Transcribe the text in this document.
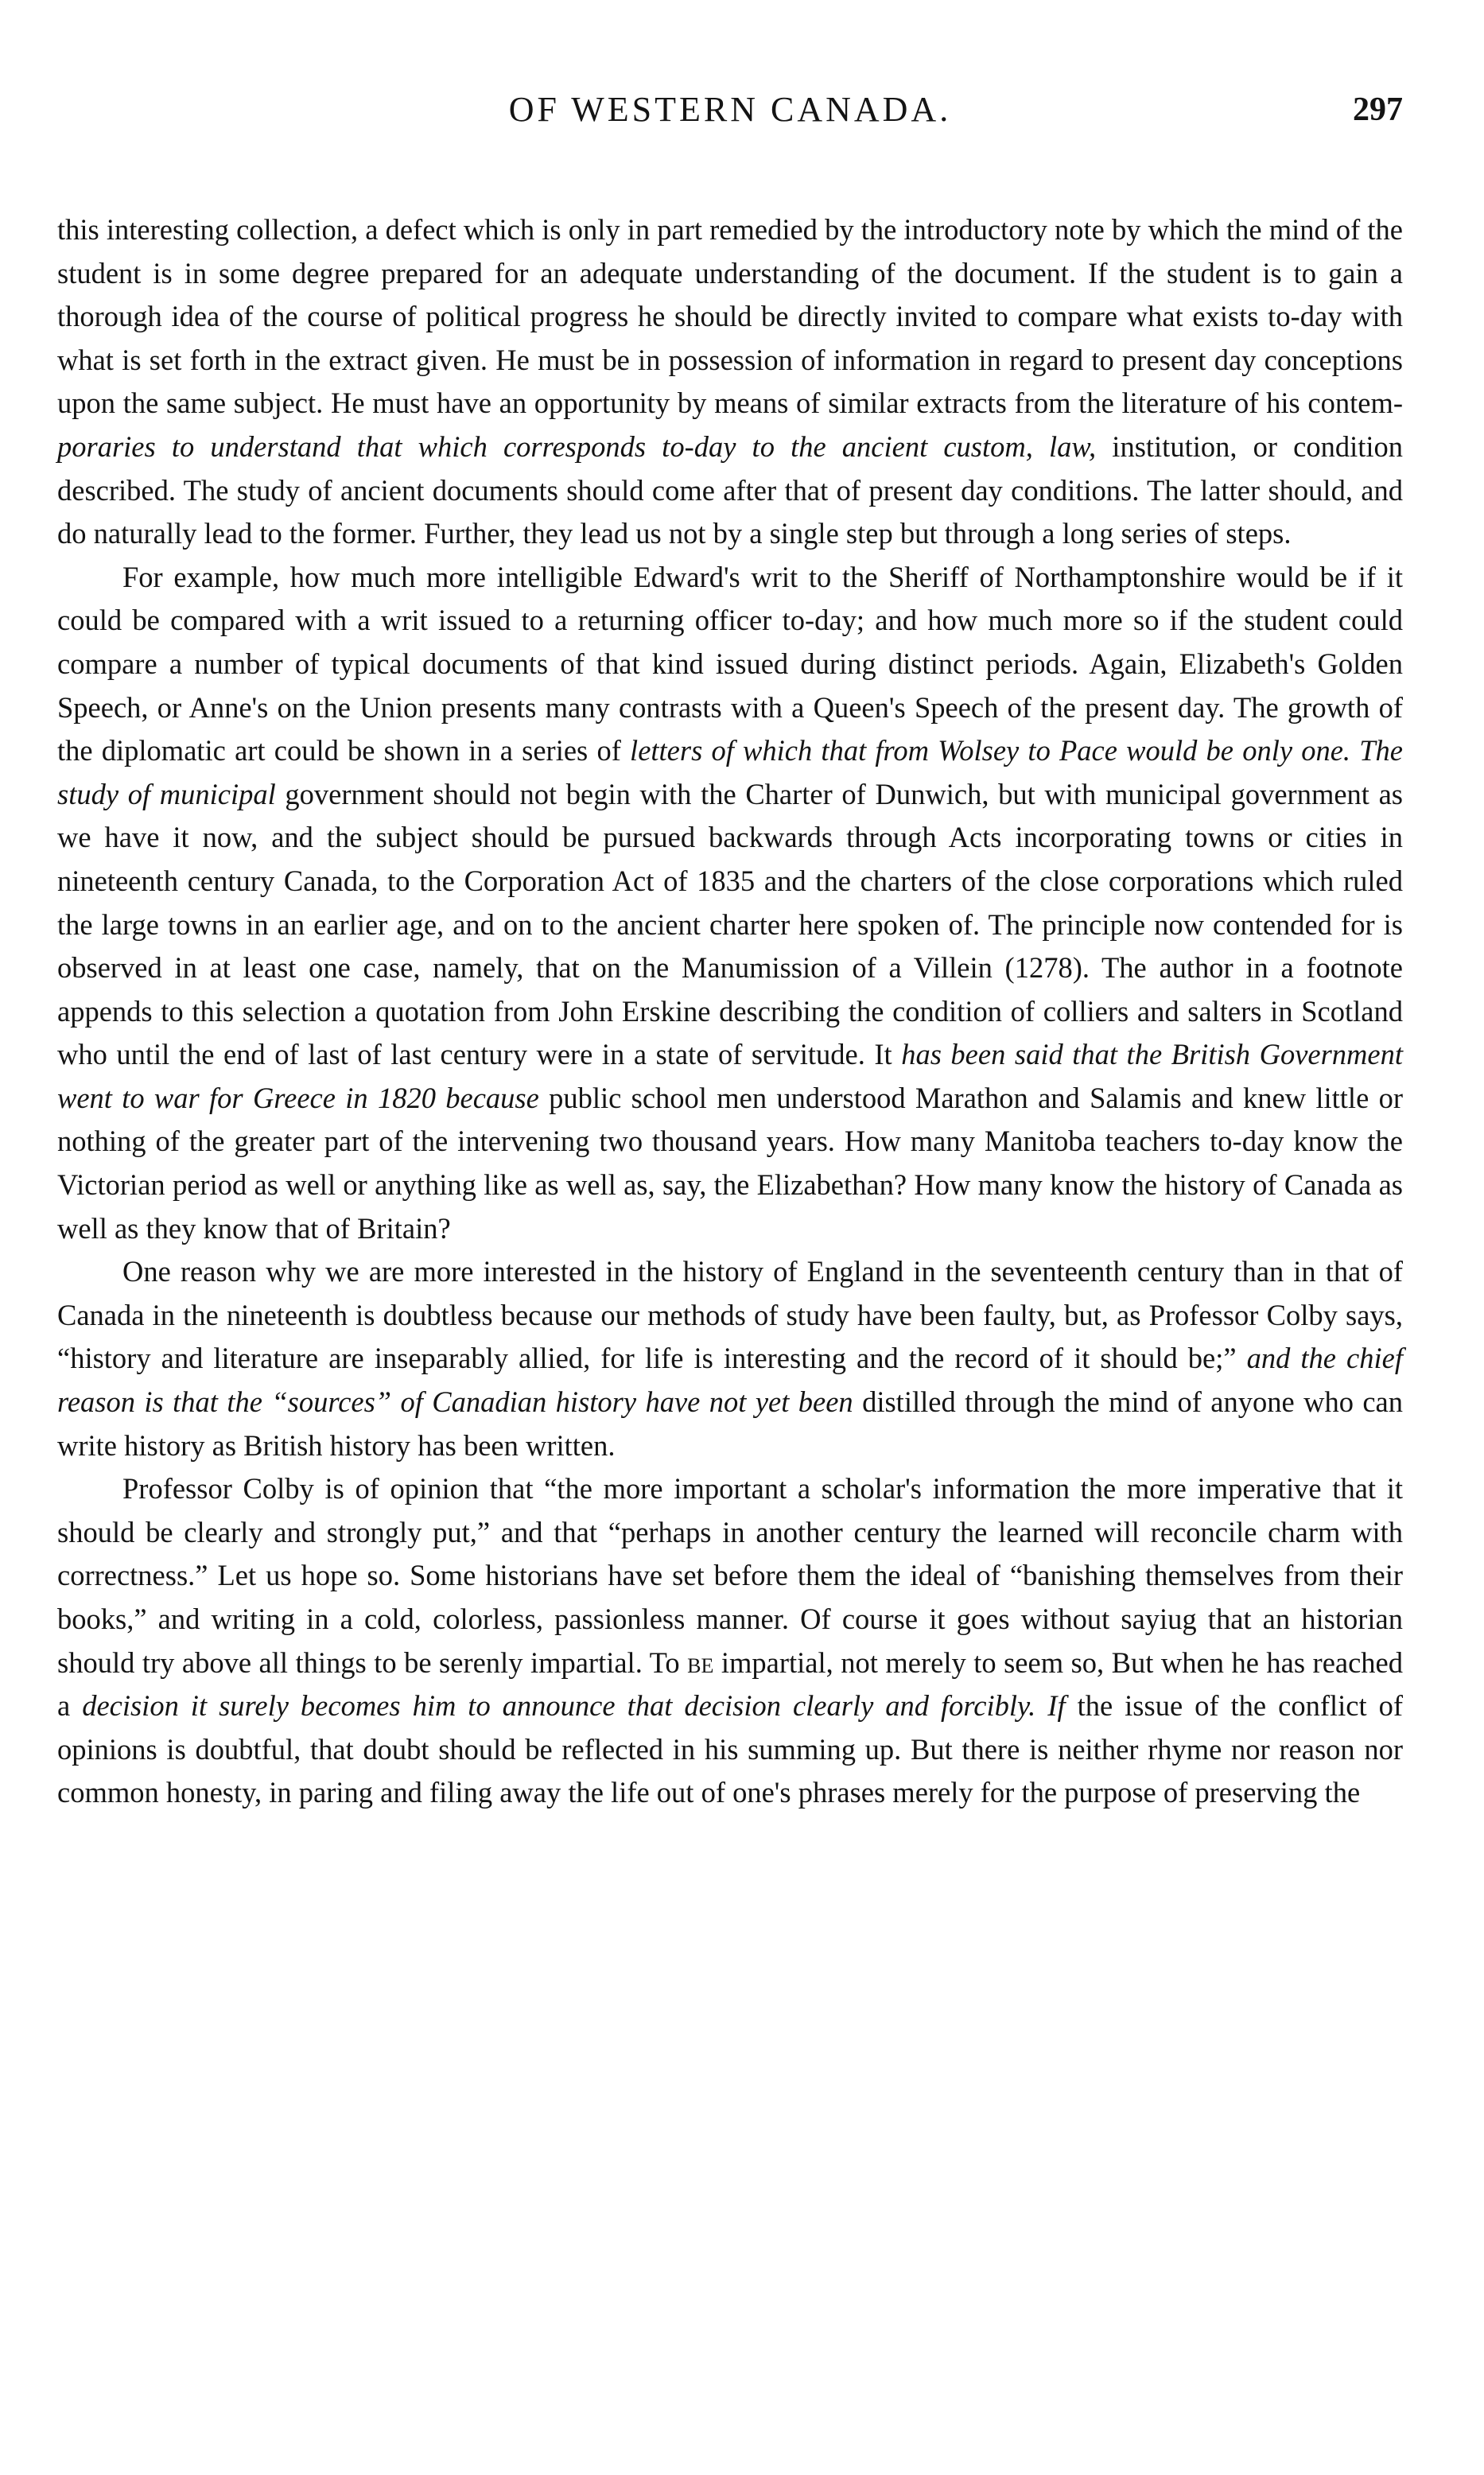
OF WESTERN CANADA.	297

this interesting collection, a defect which is only in part remedied by the introductory note by which the mind of the student is in some degree prepared for an adequate understanding of the document. If the student is to gain a thorough idea of the course of political progress he should be directly invited to compare what exists to-day with what is set forth in the extract given. He must be in possession of information in regard to present day conceptions upon the same subject. He must have an opportunity by means of similar extracts from the literature of his contem-poraries to understand that which corresponds to-day to the ancient custom, law, institution, or condition described. The study of ancient documents should come after that of present day conditions. The latter should, and do naturally lead to the former. Further, they lead us not by a single step but through a long series of steps.

For example, how much more intelligible Edward's writ to the Sheriff of Northamptonshire would be if it could be compared with a writ issued to a returning officer to-day; and how much more so if the student could compare a number of typical documents of that kind issued during distinct periods. Again, Elizabeth's Golden Speech, or Anne's on the Union presents many contrasts with a Queen's Speech of the present day. The growth of the diplomatic art could be shown in a series of letters of which that from Wolsey to Pace would be only one. The study of municipal government should not begin with the Charter of Dunwich, but with municipal government as we have it now, and the subject should be pursued backwards through Acts incorporating towns or cities in nineteenth century Canada, to the Corporation Act of 1835 and the charters of the close corporations which ruled the large towns in an earlier age, and on to the ancient charter here spoken of. The principle now contended for is observed in at least one case, namely, that on the Manumission of a Villein (1278). The author in a footnote appends to this selection a quotation from John Erskine describing the condition of colliers and salters in Scotland who until the end of last of last century were in a state of servitude. It has been said that the British Government went to war for Greece in 1820 because public school men understood Marathon and Salamis and knew little or nothing of the greater part of the intervening two thousand years. How many Manitoba teachers to-day know the Victorian period as well or anything like as well as, say, the Elizabethan? How many know the history of Canada as well as they know that of Britain?

One reason why we are more interested in the history of England in the seventeenth century than in that of Canada in the nineteenth is doubtless because our methods of study have been faulty, but, as Professor Colby says, “history and literature are inseparably allied, for life is interesting and the record of it should be;” and the chief reason is that the “sources” of Canadian history have not yet been distilled through the mind of anyone who can write history as British history has been written.

Professor Colby is of opinion that “the more important a scholar's information the more imperative that it should be clearly and strongly put,” and that “perhaps in another century the learned will reconcile charm with correctness.” Let us hope so. Some historians have set before them the ideal of “banishing themselves from their books,” and writing in a cold, colorless, passionless manner. Of course it goes without sayiug that an historian should try above all things to be serenly impartial. To be impartial, not merely to seem so, But when he has reached a decision it surely becomes him to announce that decision clearly and forcibly. If the issue of the conflict of opinions is doubtful, that doubt should be reflected in his summing up. But there is neither rhyme nor reason nor common honesty, in paring and filing away the life out of one's phrases merely for the purpose of preserving the
